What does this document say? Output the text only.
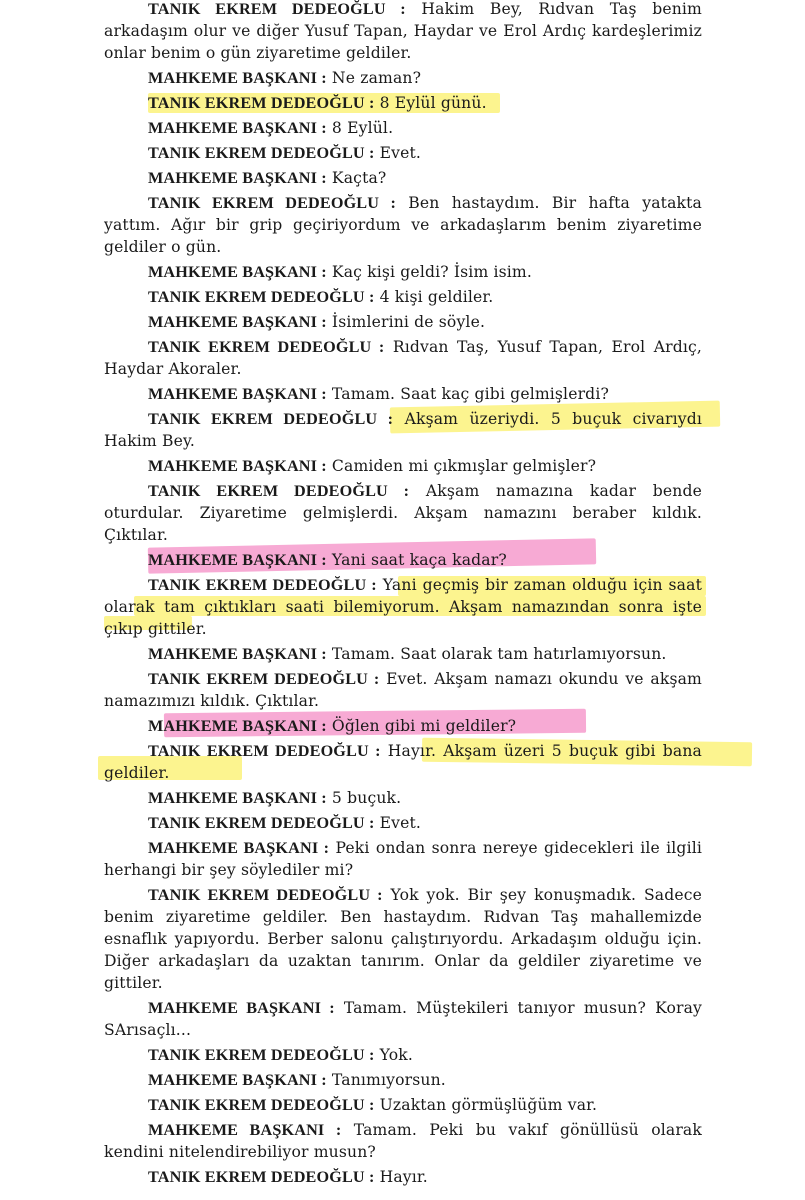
TANIK EKREM DEDEOĞLU : Hakim Bey, Rıdvan Taş benim arkadaşım olur ve diğer Yusuf Tapan, Haydar ve Erol Ardıç kardeşlerimiz onlar benim o gün ziyaretime geldiler.

MAHKEME BAŞKANI : Ne zaman?

TANIK EKREM DEDEOĞLU : 8 Eylül günü.

MAHKEME BAŞKANI : 8 Eylül.

TANIK EKREM DEDEOĞLU : Evet.

MAHKEME BAŞKANI : Kaçta?

TANIK EKREM DEDEOĞLU : Ben hastaydım. Bir hafta yatakta yattım. Ağır bir grip geçiriyordum ve arkadaşlarım benim ziyaretime geldiler o gün.

MAHKEME BAŞKANI : Kaç kişi geldi? İsim isim.

TANIK EKREM DEDEOĞLU : 4 kişi geldiler.

MAHKEME BAŞKANI : İsimlerini de söyle.

TANIK EKREM DEDEOĞLU : Rıdvan Taş, Yusuf Tapan, Erol Ardıç, Haydar Akoraler.

MAHKEME BAŞKANI : Tamam. Saat kaç gibi gelmişlerdi?

TANIK EKREM DEDEOĞLU : Akşam üzeriydi. 5 buçuk civarıydı Hakim Bey.

MAHKEME BAŞKANI : Camiden mi çıkmışlar gelmişler?

TANIK EKREM DEDEOĞLU : Akşam namazına kadar bende oturdular. Ziyaretime gelmişlerdi. Akşam namazını beraber kıldık. Çıktılar.

MAHKEME BAŞKANI : Yani saat kaça kadar?

TANIK EKREM DEDEOĞLU : Yani geçmiş bir zaman olduğu için saat olarak tam çıktıkları saati bilemiyorum. Akşam namazından sonra işte çıkıp gittiler.

MAHKEME BAŞKANI : Tamam. Saat olarak tam hatırlamıyorsun.

TANIK EKREM DEDEOĞLU : Evet. Akşam namazı okundu ve akşam namazımızı kıldık. Çıktılar.

MAHKEME BAŞKANI : Öğlen gibi mi geldiler?

TANIK EKREM DEDEOĞLU : Hayır. Akşam üzeri 5 buçuk gibi bana geldiler.

MAHKEME BAŞKANI : 5 buçuk.

TANIK EKREM DEDEOĞLU : Evet.

MAHKEME BAŞKANI : Peki ondan sonra nereye gidecekleri ile ilgili herhangi bir şey söylediler mi?

TANIK EKREM DEDEOĞLU : Yok yok. Bir şey konuşmadık. Sadece benim ziyaretime geldiler. Ben hastaydım. Rıdvan Taş mahallemizde esnaflık yapıyordu. Berber salonu çalıştırıyordu. Arkadaşım olduğu için. Diğer arkadaşları da uzaktan tanırım. Onlar da geldiler ziyaretime ve gittiler.

MAHKEME BAŞKANI : Tamam. Müştekileri tanıyor musun? Koray SArısaçlı...

TANIK EKREM DEDEOĞLU : Yok.

MAHKEME BAŞKANI : Tanımıyorsun.

TANIK EKREM DEDEOĞLU : Uzaktan görmüşlüğüm var.

MAHKEME BAŞKANI : Tamam. Peki bu vakıf gönüllüsü olarak kendini nitelendirebiliyor musun?

TANIK EKREM DEDEOĞLU : Hayır.
